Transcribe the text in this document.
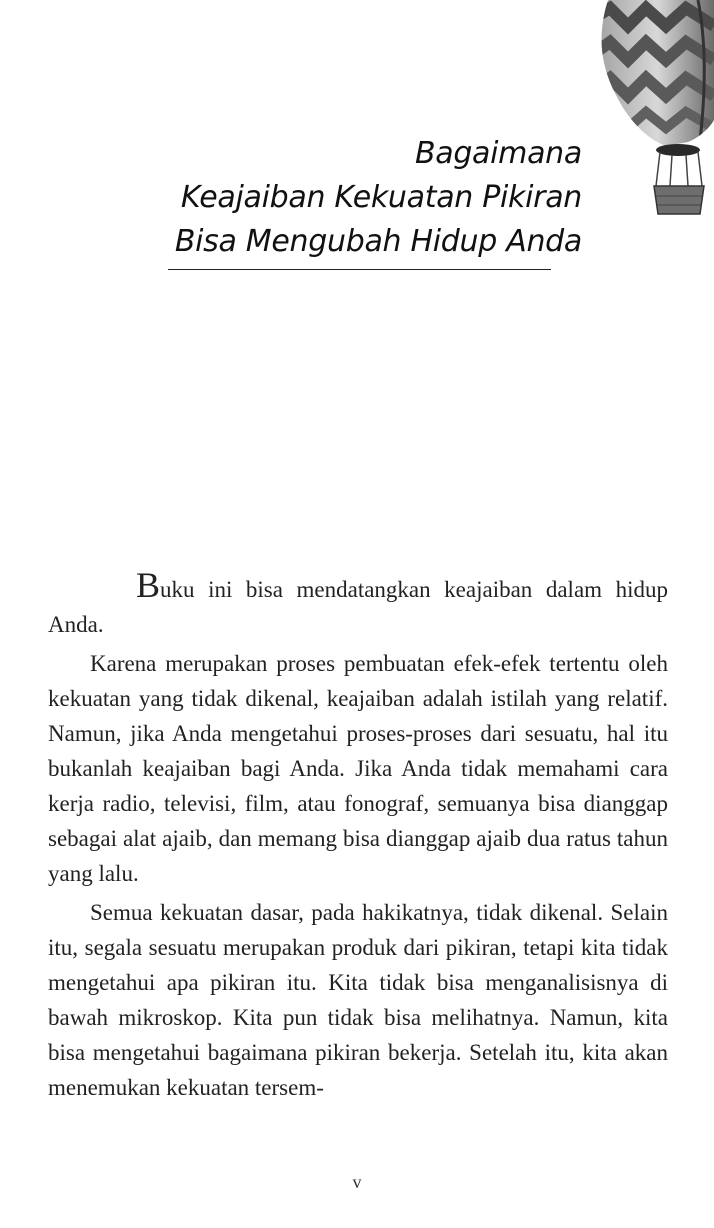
Bagaimana
Keajaiban Kekuatan Pikiran
Bisa Mengubah Hidup Anda

Buku ini bisa mendatangkan keajaiban dalam hidup Anda.

Karena merupakan proses pembuatan efek-efek tertentu oleh kekuatan yang tidak dikenal, keajaiban adalah istilah yang relatif. Namun, jika Anda mengetahui proses-proses dari sesuatu, hal itu bukanlah keajaiban bagi Anda. Jika Anda tidak memahami cara kerja radio, televisi, film, atau fonograf, semuanya bisa dianggap sebagai alat ajaib, dan memang bisa dianggap ajaib dua ratus tahun yang lalu.

Semua kekuatan dasar, pada hakikatnya, tidak dikenal. Selain itu, segala sesuatu merupakan produk dari pikiran, tetapi kita tidak mengetahui apa pikiran itu. Kita tidak bisa menganalisisnya di bawah mikroskop. Kita pun tidak bisa melihatnya. Namun, kita bisa mengetahui bagaimana pikiran bekerja. Setelah itu, kita akan menemukan kekuatan tersem-

v
